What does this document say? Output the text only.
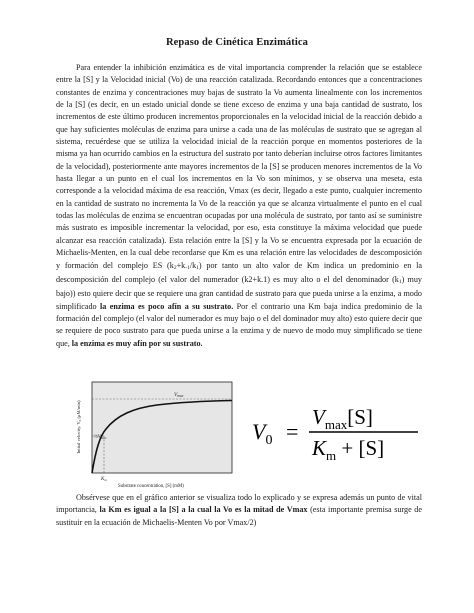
Repaso de Cinética Enzimática

Para entender la inhibición enzimática es de vital importancia comprender la relación que se establece entre la [S] y la Velocidad inicial (Vo) de una reacción catalizada. Recordando entonces que a concentraciones constantes de enzima y concentraciones muy bajas de sustrato la Vo aumenta linealmente con los incrementos de la [S] (es decir, en un estado unicial donde se tiene exceso de enzima y una baja cantidad de sustrato, los incrementos de este último producen incrementos proporcionales en la velocidad inicial de la reacción debido a que hay suficientes moléculas de enzima para unirse a cada una de las moléculas de sustrato que se agregan al sistema, recuérdese que se utiliza la velocidad inicial de la reacción porque en momentos posteriores de la misma ya han ocurrido cambios en la estructura del sustrato por tanto deberían incluirse otros factores limitantes de la velocidad), posteriormente ante mayores incrementos de la [S] se producen menores incrementos de la Vo hasta llegar a un punto en el cual los incrementos en la Vo son mínimos, y se observa una meseta, esta corresponde a la velocidad máxima de esa reacción, Vmax (es decir, llegado a este punto, cualquier incremento en la cantidad de sustrato no incrementa la Vo de la reacción ya que se alcanza virtualmente el punto en el cual todas las moléculas de enzima se encuentran ocupadas por una molécula de sustrato, por tanto así se suministre más sustrato es imposible incrementar la velocidad, por eso, esta constituye la máxima velocidad que puede alcanzar esa reacción catalizada). Esta relación entre la [S] y la Vo se encuentra expresada por la ecuación de Michaelis-Menten, en la cual debe recordarse que Km es una relación entre las velocidades de descomposición y formación del complejo ES (k2+k-1/k1) por tanto un alto valor de Km indica un predominio en la descomposición del complejo (el valor del numerador (k2+k.1) es muy alto o el del denominador (k1) muy bajo)) esto quiere decir que se requiere una gran cantidad de sustrato para que pueda unirse a la enzima, a modo simplificado la enzima es poco afín a su sustrato. Por el contrario una Km baja indica predominio de la formación del complejo (el valor del numerador es muy bajo o el del dominador muy alto) esto quiere decir que se requiere de poco sustrato para que pueda unirse a la enzima y de nuevo de modo muy simplificado se tiene que, la enzima es muy afín por su sustrato.

Initial velocity, $V_0$ (μM/min)
Vmax
$\frac{1}{2}V_{max}$
$K_m$
Substrate concentration, [S] (mM)
$V_0$ =
$V_{max}[S]$
$K_m + [S]$

Obsérvese que en el gráfico anterior se visualiza todo lo explicado y se expresa además un punto de vital importancia, la Km es igual a la [S] a la cual la Vo es la mitad de Vmax (esta importante premisa surge de sustituir en la ecuación de Michaelis-Menten Vo por Vmax/2)
